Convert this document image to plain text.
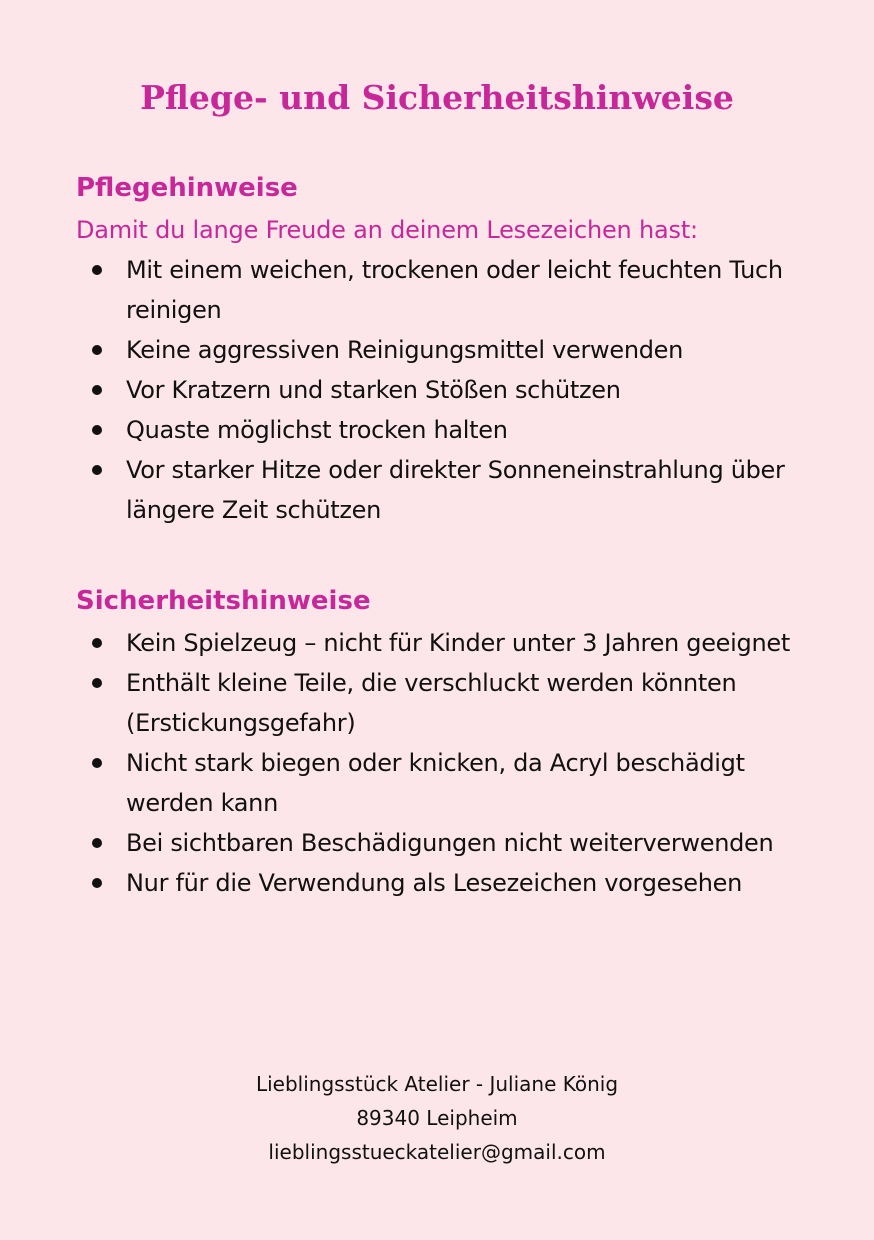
Pflege- und Sicherheitshinweise
Pflegehinweise

Damit du lange Freude an deinem Lesezeichen hast:

Mit einem weichen, trockenen oder leicht feuchten Tuch reinigen
Keine aggressiven Reinigungsmittel verwenden
Vor Kratzern und starken Stößen schützen
Quaste möglichst trocken halten
Vor starker Hitze oder direkter Sonneneinstrahlung über längere Zeit schützen
Sicherheitshinweise
Kein Spielzeug – nicht für Kinder unter 3 Jahren geeignet
Enthält kleine Teile, die verschluckt werden könnten (Erstickungsgefahr)
Nicht stark biegen oder knicken, da Acryl beschädigt werden kann
Bei sichtbaren Beschädigungen nicht weiterverwenden
Nur für die Verwendung als Lesezeichen vorgesehen
Lieblingsstück Atelier - Juliane König
89340 Leipheim
lieblingsstueckatelier@gmail.com
